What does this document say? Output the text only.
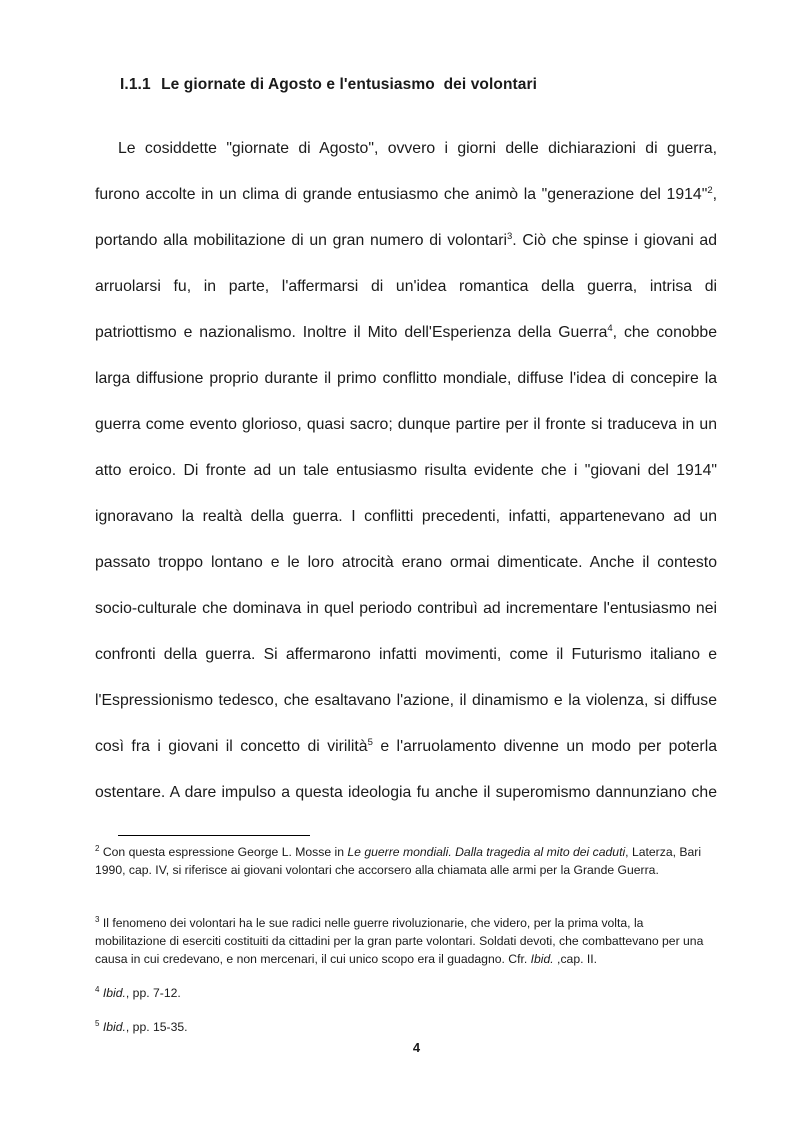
I.1.1 Le giornate di Agosto e l'entusiasmo  dei volontari
Le cosiddette "giornate di Agosto", ovvero i giorni delle dichiarazioni di guerra,
furono accolte in un clima di grande entusiasmo che animò la "generazione del 1914"$^2$,
portando alla mobilitazione di un gran numero di volontari$^3$. Ciò che spinse i giovani ad
arruolarsi fu, in parte, l'affermarsi di un'idea romantica della guerra, intrisa di
patriottismo e nazionalismo. Inoltre il Mito dell'Esperienza della Guerra$^4$, che conobbe
larga diffusione proprio durante il primo conflitto mondiale, diffuse l'idea di concepire la
guerra come evento glorioso, quasi sacro; dunque partire per il fronte si traduceva in un
atto eroico. Di fronte ad un tale entusiasmo risulta evidente che i "giovani del 1914"
ignoravano la realtà della guerra. I conflitti precedenti, infatti, appartenevano ad un
passato troppo lontano e le loro atrocità erano ormai dimenticate. Anche il contesto
socio-culturale che dominava in quel periodo contribuì ad incrementare l'entusiasmo nei
confronti della guerra. Si affermarono infatti movimenti, come il Futurismo italiano e
l'Espressionismo tedesco, che esaltavano l'azione, il dinamismo e la violenza, si diffuse
così fra i giovani il concetto di virilità$^5$ e l'arruolamento divenne un modo per poterla
ostentare. A dare impulso a questa ideologia fu anche il superomismo dannunziano che
$^2$ Con questa espressione George L. Mosse in Le guerre mondiali. Dalla tragedia al mito dei caduti, Laterza, Bari 1990, cap. IV, si riferisce ai giovani volontari che accorsero alla chiamata alle armi per la Grande Guerra.
$^3$ Il fenomeno dei volontari ha le sue radici nelle guerre rivoluzionarie, che videro, per la prima volta, la mobilitazione di eserciti costituiti da cittadini per la gran parte volontari. Soldati devoti, che combattevano per una causa in cui credevano, e non mercenari, il cui unico scopo era il guadagno. Cfr. Ibid. ,cap. II.
$^4$ Ibid., pp. 7-12.
$^5$ Ibid., pp. 15-35.
4
